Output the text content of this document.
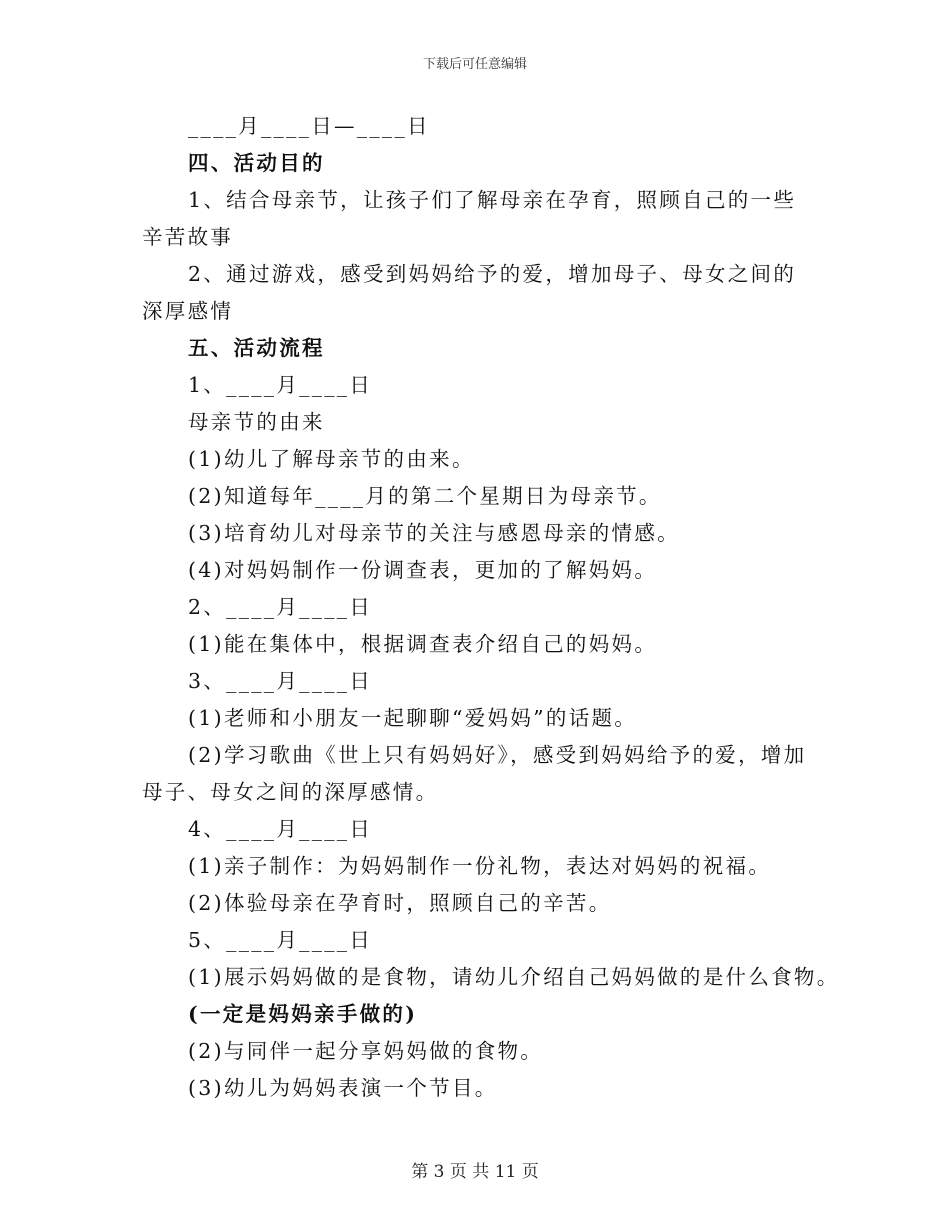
下载后可任意编辑

____月____日—____日

四、活动目的

1、结合母亲节，让孩子们了解母亲在孕育，照顾自己的一些辛苦故事

2、通过游戏，感受到妈妈给予的爱，增加母子、母女之间的深厚感情

五、活动流程

1、____月____日

母亲节的由来

(1)幼儿了解母亲节的由来。

(2)知道每年____月的第二个星期日为母亲节。

(3)培育幼儿对母亲节的关注与感恩母亲的情感。

(4)对妈妈制作一份调查表，更加的了解妈妈。

2、____月____日

(1)能在集体中，根据调查表介绍自己的妈妈。

3、____月____日

(1)老师和小朋友一起聊聊“爱妈妈”的话题。

(2)学习歌曲《世上只有妈妈好》，感受到妈妈给予的爱，增加母子、母女之间的深厚感情。

4、____月____日

(1)亲子制作：为妈妈制作一份礼物，表达对妈妈的祝福。

(2)体验母亲在孕育时，照顾自己的辛苦。

5、____月____日

(1)展示妈妈做的是食物，请幼儿介绍自己妈妈做的是什么食物。

(一定是妈妈亲手做的)

(2)与同伴一起分享妈妈做的食物。

(3)幼儿为妈妈表演一个节目。

第 3 页 共 11 页
